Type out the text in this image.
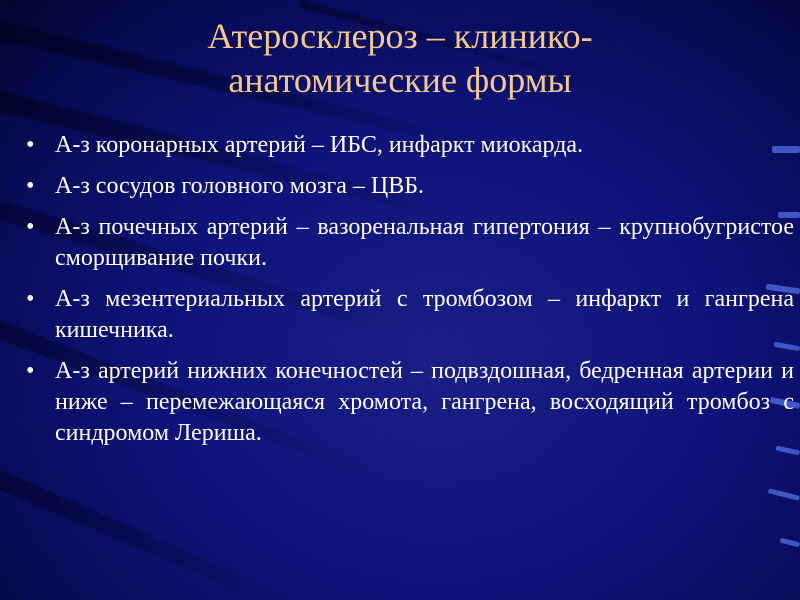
Атеросклероз – клинико-
анатомические формы
• А-з коронарных артерий – ИБС, инфаркт миокарда.
• А-з сосудов головного мозга – ЦВБ.
• А-з почечных артерий – вазоренальная гипертония – крупнобугристое сморщивание почки.
• А-з мезентериальных артерий с тромбозом – инфаркт и гангрена кишечника.
• А-з артерий нижних конечностей – подвздошная, бедренная артерии и ниже – перемежающаяся хромота, гангрена, восходящий тромбоз с синдромом Лериша.
